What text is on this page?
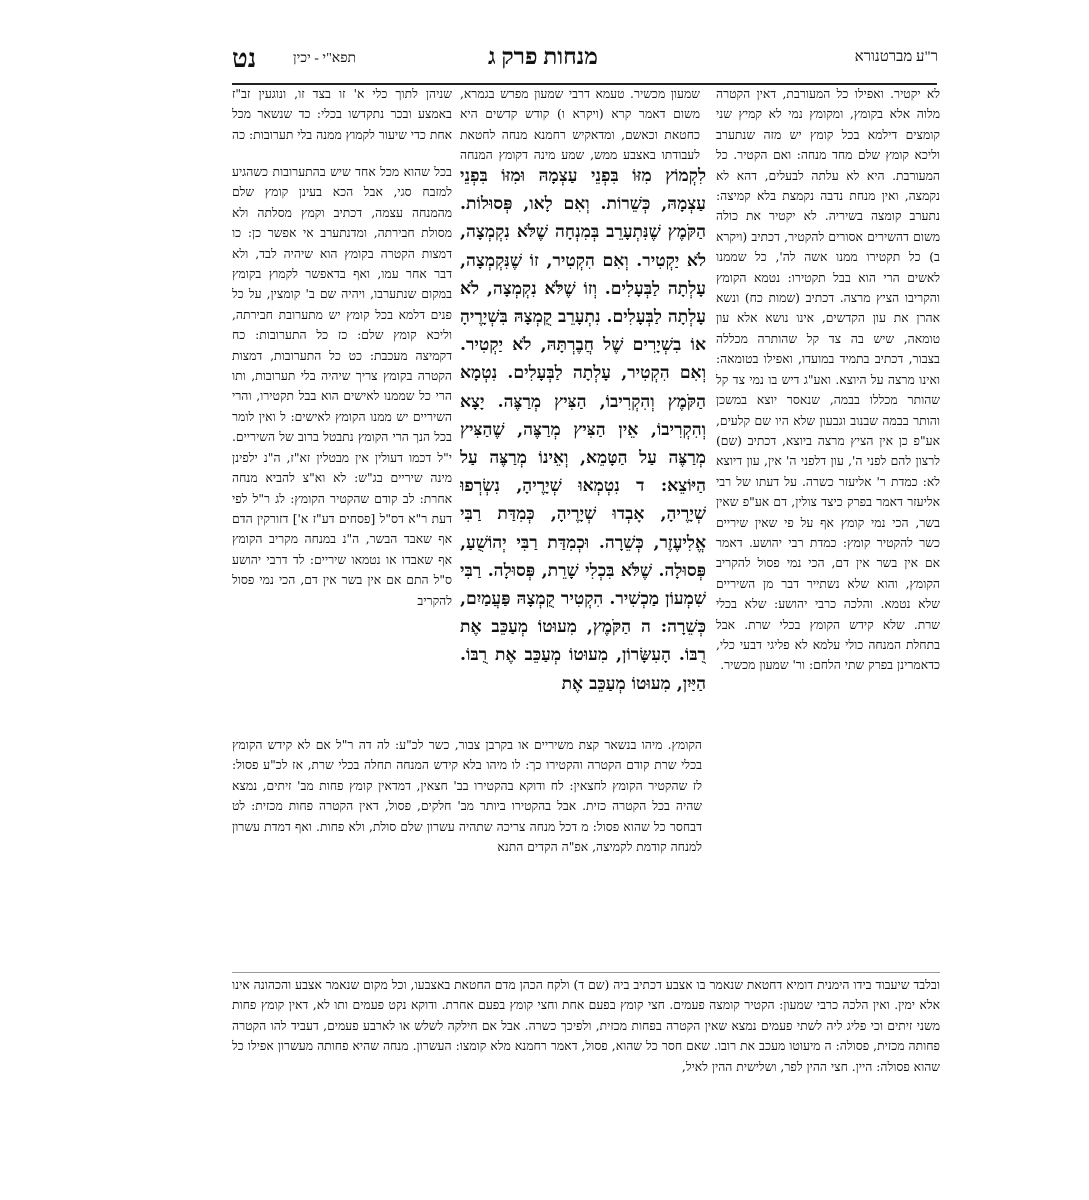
ר"ע מברטנורא
מנחות פרק ג
תפא"י - יכין
נט

לא יקטיר. ואפילו כל המעורבת, דאין הקטרה מלוה אלא בקומץ, ומקומץ נמי לא קמיץ שני קומצים דילמא בכל קומץ יש מזה שנתערב וליכא קומץ שלם מחד מנחה: ואם הקטיר. כל המעורבת. היא לא עלתה לבעלים, דהא לא נקמצה, ואין מנחת נדבה נקמצת בלא קמיצה: נתערב קומצה בשיריה. לא יקטיר את כולה משום דהשירים אסורים להקטיר, דכתיב (ויקרא ב) כל תקטירו ממנו אשה לה', כל שממנו לאשים הרי הוא בבל תקטירו: נטמא הקומץ והקריבו הציץ מרצה. דכתיב (שמות כח) ונשא אהרן את עון הקדשים, אינו נושא אלא עון טומאה, שיש בה צד קל שהותרה מכללה בצבור, דכתיב בתמיד במועדו, ואפילו בטומאה: ואינו מרצה על היוצא. ואע"ג דיש בו נמי צד קל שהותר מכללו בבמה, שנאסר יוצא במשכן והותר בבמה שבנוב וגבעון שלא היו שם קלעים, אע"פ כן אין הציץ מרצה ביוצא, דכתיב (שם) לרצון להם לפני ה', עון דלפני ה' אין, עון דיוצא לא: כמדת ר' אליעזר כשרה. על דעתו של רבי אליעזר דאמר בפרק כיצד צולין, דם אע"פ שאין בשר, הכי נמי קומץ אף על פי שאין שיריים כשר להקטיר קומץ: כמדת רבי יהושע. דאמר אם אין בשר אין דם, הכי נמי פסול להקריב הקומץ, והוא שלא נשתייר דבר מן השיריים שלא נטמא. והלכה כרבי יהושע: שלא בכלי שרת. שלא קידש הקומץ בכלי שרת. אבל בתחלת המנחה כולי עלמא לא פליגי דבעי כלי, כדאמרינן בפרק שתי הלחם: ור' שמעון מכשיר.

שמעון מכשיר. טעמא דרבי שמעון מפרש בגמרא, משום דאמר קרא (ויקרא ו) קודש קדשים היא כחטאת וכאשם, ומדאקיש רחמנא מנחה לחטאת לעבודתו באצבע ממש, שמע מינה דקומץ המנחה

לִקְמוֹץ מִזּוֹ בִּפְנֵי עַצְמָהּ וּמִזּוֹ בִּפְנֵי עַצְמָהּ, כְּשֵׁרוֹת. וְאִם לָאו, פְּסוּלוֹת. הַקֹּמֶץ שֶׁנִּתְעָרֵב בְּמִנְחָה שֶׁלֹּא נִקְמְצָה, לֹא יַקְטִיר. וְאִם הִקְטִיר, זוֹ שֶׁנִּקְמְצָה, עָלְתָה לַבְּעָלִים. וְזוֹ שֶׁלֹּא נִקְמְצָה, לֹא עָלְתָה לַבְּעָלִים. נִתְעָרֵב קֻמְצָהּ בִּשְׁיָרֶיהָ אוֹ בִשְׁיָרִים שֶׁל חֲבֶרְתָּהּ, לֹא יַקְטִיר. וְאִם הִקְטִיר, עָלְתָה לַבְּעָלִים. נִטְמָא הַקֹּמֶץ וְהִקְרִיבוֹ, הַצִּיץ מְרַצֶּה. יָצָא וְהִקְרִיבוֹ, אֵין הַצִּיץ מְרַצֶּה, שֶׁהַצִּיץ מְרַצֶּה עַל הַטָּמֵא, וְאֵינוֹ מְרַצֶּה עַל הַיּוֹצֵא: ד נִטְמְאוּ שְׁיָרֶיהָ, נִשְׂרְפוּ שְׁיָרֶיהָ, אָבְדוּ שְׁיָרֶיהָ, כְּמִדַּת רַבִּי אֱלִיעֶזֶר, כְּשֵׁרָה. וּכְמִדַּת רַבִּי יְהוֹשֻׁעַ, פְּסוּלָה. שֶׁלֹּא בִּכְלִי שָׁרֵת, פְּסוּלָה. רַבִּי שִׁמְעוֹן מַכְשִׁיר. הִקְטִיר קֻמְצָהּ פַּעֲמַיִם, כְּשֵׁרָה: ה הַקֹּמֶץ, מִעוּטוֹ מְעַכֵּב אֶת רֻבּוֹ. הָעִשָּׂרוֹן, מִעוּטוֹ מְעַכֵּב אֶת רֻבּוֹ. הַיַּיִן, מִעוּטוֹ מְעַכֵּב אֶת

שניהן לתוך כלי א' זו בצד זו, ונוגעין זב"ז באמצע ובכר נתקדשו בכלי: כד שנשאר מכל אחת כדי שיעור לקמוץ ממנה בלי תערובות: כה

בכל שהוא מכל אחד שיש בהתערובות כשהגיע למזבח סגי, אבל הכא בעינן קומץ שלם מהמנחה עצמה, דכתיב וקמץ מסלתה ולא מסולת חבירתה, ומדנתערב אי אפשר כן: כו דמצות הקטרה בקומץ הוא שיהיה לבד, ולא דבר אחר עמו, ואף בדאפשר לקמוץ בקומץ במקום שנתערבו, ויהיה שם ב' קומצין, על כל פנים דלמא בכל קומץ יש מתערובת חבירתה, וליכא קומץ שלם: כז כל התערובות: כח דקמיצה מעכבת: כט כל התערובות, דמצות הקטרה בקומץ צריך שיהיה בלי תערובות, ותו הרי כל שממנו לאישים הוא בבל תקטירו, והרי השיריים יש ממנו הקומץ לאישים: ל ואין לומר בכל הנך הרי הקומץ נתבטל ברוב של השיריים. י"ל דכמו דעולין אין מבטלין זא"ז, ה"נ ילפינן מינה שיריים בג"ש: לא וא"צ להביא מנחה אחרת: לב קודם שהקטיר הקומץ: לג ר"ל לפי דעת ר"א דס"ל [פסחים דע"ז א'] דזורקין הדם אף שאבד הבשר, ה"נ במנחה מקריב הקומץ אף שאבדו או נטמאו שיריים: לד דרבי יהושע ס"ל התם אם אין בשר אין דם, הכי נמי פסול להקריב

הקומץ. מיהו בנשאר קצת משיריים או בקרבן צבור, כשר לכ"ע: לה דה ר"ל אם לא קידש הקומץ בכלי שרת קודם הקטרה והקטירו כך: לו מיהו בלא קידש המנחה תחלה בכלי שרת, אז לכ"ע פסול: לז שהקטיר הקומץ לחצאין: לח ודוקא בהקטירו בב' חצאין, דמדאין קומץ פחות מב' זיתים, נמצא שהיה בכל הקטרה כזית. אבל בהקטירו ביותר מב' חלקים, פסול, דאין הקטרה פחות מכזית: לט דבחסר כל שהוא פסול: מ דכל מנחה צריכה שתהיה עשרון שלם סולת, ולא פחות. ואף דמדת עשרון למנחה קודמת לקמיצה, אפ"ה הקדים התנא

ובלבד שיעבוד בידו הימנית דומיא דחטאת שנאמר בו אצבע דכתיב ביה (שם ד) ולקח הכהן מדם החטאת באצבעו, וכל מקום שנאמר אצבע והכהונה אינו אלא ימין. ואין הלכה כרבי שמעון: הקטיר קומצה פעמים. חצי קומץ בפעם אחת וחצי קומץ בפעם אחרת. ודוקא נקט פעמים ותו לא, דאין קומץ פחות משני זיתים וכי פליג ליה לשתי פעמים נמצא שאין הקטרה בפחות מכזית, ולפיכך כשרה. אבל אם חילקה לשלש או לארבע פעמים, דעביד להו הקטרה פחותה מכזית, פסולה: ה מיעוטו מעכב את רובו. שאם חסר כל שהוא, פסול, דאמר רחמנא מלא קומצו: העשרון. מנחה שהיא פחותה מעשרון אפילו כל שהוא פסולה: היין. חצי ההין לפר, ושלישית ההין לאיל,
